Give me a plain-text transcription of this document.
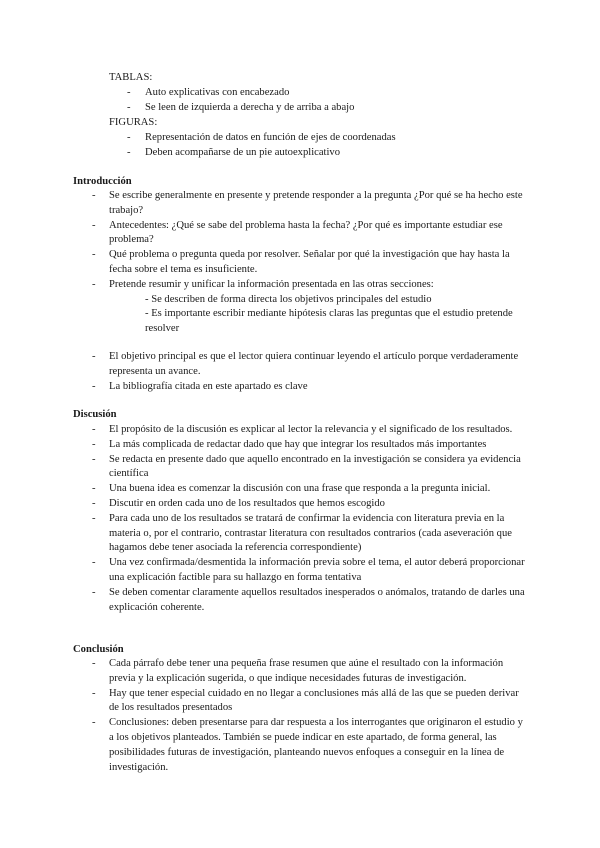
TABLAS:
- Auto explicativas con encabezado
- Se leen de izquierda a derecha y de arriba a abajo
FIGURAS:
- Representación de datos en función de ejes de coordenadas
- Deben acompañarse de un pie autoexplicativo
Introducción
- Se escribe generalmente en presente y pretende responder a la pregunta ¿Por qué se ha hecho este trabajo?
- Antecedentes: ¿Qué se sabe del problema hasta la fecha? ¿Por qué es importante estudiar ese problema?
- Qué problema o pregunta queda por resolver. Señalar por qué la investigación que hay hasta la fecha sobre el tema es insuficiente.
- Pretende resumir y unificar la información presentada en las otras secciones:
- Se describen de forma directa los objetivos principales del estudio
- Es importante escribir mediante hipótesis claras las preguntas que el estudio pretende resolver
- El objetivo principal es que el lector quiera continuar leyendo el artículo porque verdaderamente representa un avance.
- La bibliografía citada en este apartado es clave
Discusión
- El propósito de la discusión es explicar al lector la relevancia y el significado de los resultados.
- La más complicada de redactar dado que hay que integrar los resultados más importantes
- Se redacta en presente dado que aquello encontrado en la investigación se considera ya evidencia científica
- Una buena idea es comenzar la discusión con una frase que responda a la pregunta inicial.
- Discutir en orden cada uno de los resultados que hemos escogido
- Para cada uno de los resultados se tratará de confirmar la evidencia con literatura previa en la materia o, por el contrario, contrastar literatura con resultados contrarios (cada aseveración que hagamos debe tener asociada la referencia correspondiente)
- Una vez confirmada/desmentida la información previa sobre el tema, el autor deberá proporcionar una explicación factible para su hallazgo en forma tentativa
- Se deben comentar claramente aquellos resultados inesperados o anómalos, tratando de darles una explicación coherente.
Conclusión
- Cada párrafo debe tener una pequeña frase resumen que aúne el resultado con la información previa y la explicación sugerida, o que indique necesidades futuras de investigación.
- Hay que tener especial cuidado en no llegar a conclusiones más allá de las que se pueden derivar de los resultados presentados
- Conclusiones: deben presentarse para dar respuesta a los interrogantes que originaron el estudio y a los objetivos planteados. También se puede indicar en este apartado, de forma general, las posibilidades futuras de investigación, planteando nuevos enfoques a conseguir en la línea de investigación.
